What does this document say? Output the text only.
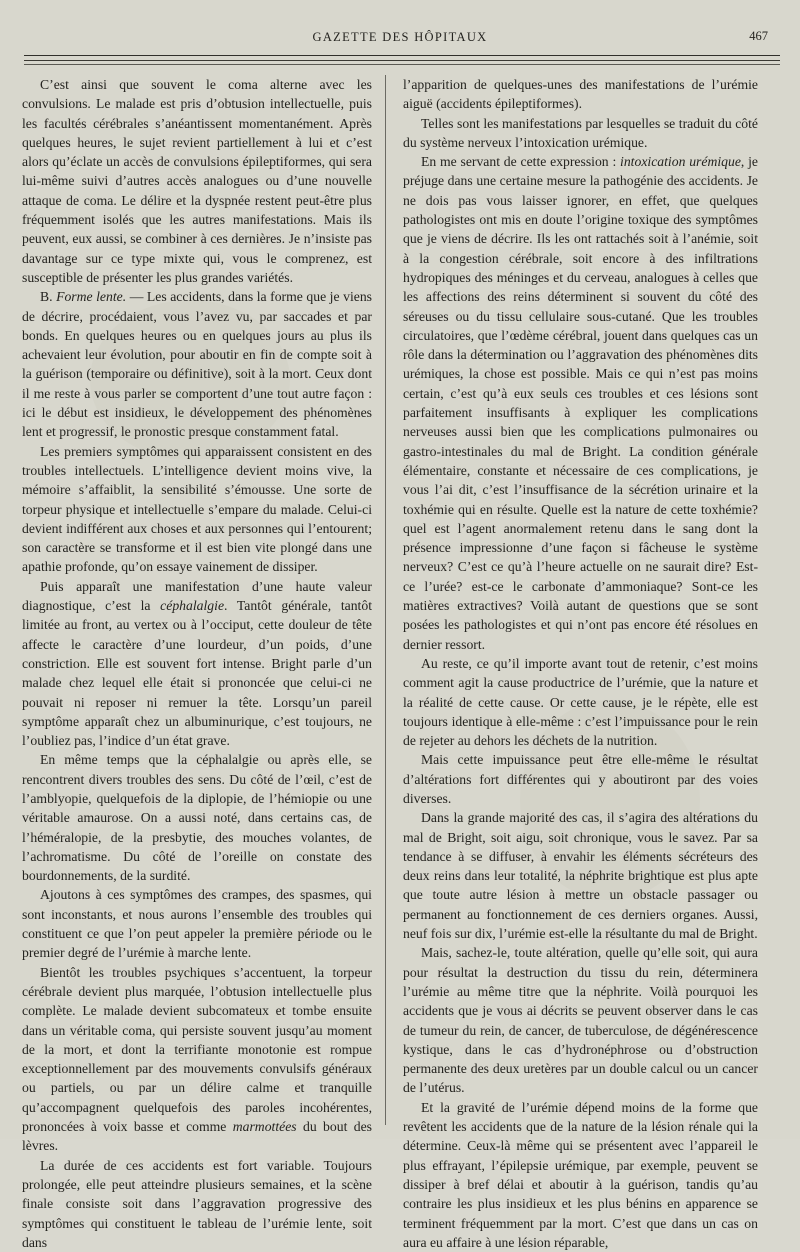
GAZETTE DES HÔPITAUX	467

C’est ainsi que souvent le coma alterne avec les convulsions. Le malade est pris d’obtusion intellectuelle, puis les facultés cérébrales s’anéantissent momentanément. Après quelques heures, le sujet revient partiellement à lui et c’est alors qu’éclate un accès de convulsions épileptiformes, qui sera lui-même suivi d’autres accès analogues ou d’une nouvelle attaque de coma. Le délire et la dyspnée restent peut-être plus fréquemment isolés que les autres manifestations. Mais ils peuvent, eux aussi, se combiner à ces dernières. Je n’insiste pas davantage sur ce type mixte qui, vous le comprenez, est susceptible de présenter les plus grandes variétés.

B. Forme lente. — Les accidents, dans la forme que je viens de décrire, procédaient, vous l’avez vu, par saccades et par bonds. En quelques heures ou en quelques jours au plus ils achevaient leur évolution, pour aboutir en fin de compte soit à la guérison (temporaire ou définitive), soit à la mort. Ceux dont il me reste à vous parler se comportent d’une tout autre façon : ici le début est insidieux, le développement des phénomènes lent et progressif, le pronostic presque constamment fatal.

Les premiers symptômes qui apparaissent consistent en des troubles intellectuels. L’intelligence devient moins vive, la mémoire s’affaiblit, la sensibilité s’émousse. Une sorte de torpeur physique et intellectuelle s’empare du malade. Celui-ci devient indifférent aux choses et aux personnes qui l’entourent; son caractère se transforme et il est bien vite plongé dans une apathie profonde, qu’on essaye vainement de dissiper.

Puis apparaît une manifestation d’une haute valeur diagnostique, c’est la céphalalgie. Tantôt générale, tantôt limitée au front, au vertex ou à l’occiput, cette douleur de tête affecte le caractère d’une lourdeur, d’un poids, d’une constriction. Elle est souvent fort intense. Bright parle d’un malade chez lequel elle était si prononcée que celui-ci ne pouvait ni reposer ni remuer la tête. Lorsqu’un pareil symptôme apparaît chez un albuminurique, c’est toujours, ne l’oubliez pas, l’indice d’un état grave.

En même temps que la céphalalgie ou après elle, se rencontrent divers troubles des sens. Du côté de l’œil, c’est de l’amblyopie, quelquefois de la diplopie, de l’hémiopie ou une véritable amaurose. On a aussi noté, dans certains cas, de l’héméralopie, de la presbytie, des mouches volantes, de l’achromatisme. Du côté de l’oreille on constate des bourdonnements, de la surdité.

Ajoutons à ces symptômes des crampes, des spasmes, qui sont inconstants, et nous aurons l’ensemble des troubles qui constituent ce que l’on peut appeler la première période ou le premier degré de l’urémie à marche lente.

Bientôt les troubles psychiques s’accentuent, la torpeur cérébrale devient plus marquée, l’obtusion intellectuelle plus complète. Le malade devient subcomateux et tombe ensuite dans un véritable coma, qui persiste souvent jusqu’au moment de la mort, et dont la terrifiante monotonie est rompue exceptionnellement par des mouvements convulsifs généraux ou partiels, ou par un délire calme et tranquille qu’accompagnent quelquefois des paroles incohérentes, prononcées à voix basse et comme marmottées du bout des lèvres.

La durée de ces accidents est fort variable. Toujours prolongée, elle peut atteindre plusieurs semaines, et la scène finale consiste soit dans l’aggravation progressive des symptômes qui constituent le tableau de l’urémie lente, soit dans

l’apparition de quelques-unes des manifestations de l’urémie aiguë (accidents épileptiformes).

Telles sont les manifestations par lesquelles se traduit du côté du système nerveux l’intoxication urémique.

En me servant de cette expression : intoxication urémique, je préjuge dans une certaine mesure la pathogénie des accidents. Je ne dois pas vous laisser ignorer, en effet, que quelques pathologistes ont mis en doute l’origine toxique des symptômes que je viens de décrire. Ils les ont rattachés soit à l’anémie, soit à la congestion cérébrale, soit encore à des infiltrations hydropiques des méninges et du cerveau, analogues à celles que les affections des reins déterminent si souvent du côté des séreuses ou du tissu cellulaire sous-cutané. Que les troubles circulatoires, que l’œdème cérébral, jouent dans quelques cas un rôle dans la détermination ou l’aggravation des phénomènes dits urémiques, la chose est possible. Mais ce qui n’est pas moins certain, c’est qu’à eux seuls ces troubles et ces lésions sont parfaitement insuffisants à expliquer les complications nerveuses aussi bien que les complications pulmonaires ou gastro-intestinales du mal de Bright. La condition générale élémentaire, constante et nécessaire de ces complications, je vous l’ai dit, c’est l’insuffisance de la sécrétion urinaire et la toxhémie qui en résulte. Quelle est la nature de cette toxhémie? quel est l’agent anormalement retenu dans le sang dont la présence impressionne d’une façon si fâcheuse le système nerveux? C’est ce qu’à l’heure actuelle on ne saurait dire? Est-ce l’urée? est-ce le carbonate d’ammoniaque? Sont-ce les matières extractives? Voilà autant de questions que se sont posées les pathologistes et qui n’ont pas encore été résolues en dernier ressort.

Au reste, ce qu’il importe avant tout de retenir, c’est moins comment agit la cause productrice de l’urémie, que la nature et la réalité de cette cause. Or cette cause, je le répète, elle est toujours identique à elle-même : c’est l’impuissance pour le rein de rejeter au dehors les déchets de la nutrition.

Mais cette impuissance peut être elle-même le résultat d’altérations fort différentes qui y aboutiront par des voies diverses.

Dans la grande majorité des cas, il s’agira des altérations du mal de Bright, soit aigu, soit chronique, vous le savez. Par sa tendance à se diffuser, à envahir les éléments sécréteurs des deux reins dans leur totalité, la néphrite brightique est plus apte que toute autre lésion à mettre un obstacle passager ou permanent au fonctionnement de ces derniers organes. Aussi, neuf fois sur dix, l’urémie est-elle la résultante du mal de Bright.

Mais, sachez-le, toute altération, quelle qu’elle soit, qui aura pour résultat la destruction du tissu du rein, déterminera l’urémie au même titre que la néphrite. Voilà pourquoi les accidents que je vous ai décrits se peuvent observer dans le cas de tumeur du rein, de cancer, de tuberculose, de dégénérescence kystique, dans le cas d’hydronéphrose ou d’obstruction permanente des deux uretères par un double calcul ou un cancer de l’utérus.

Et la gravité de l’urémie dépend moins de la forme que revêtent les accidents que de la nature de la lésion rénale qui la détermine. Ceux-là même qui se présentent avec l’appareil le plus effrayant, l’épilepsie urémique, par exemple, peuvent se dissiper à bref délai et aboutir à la guérison, tandis qu’au contraire les plus insidieux et les plus bénins en apparence se terminent fréquemment par la mort. C’est que dans un cas on aura eu affaire à une lésion réparable,
